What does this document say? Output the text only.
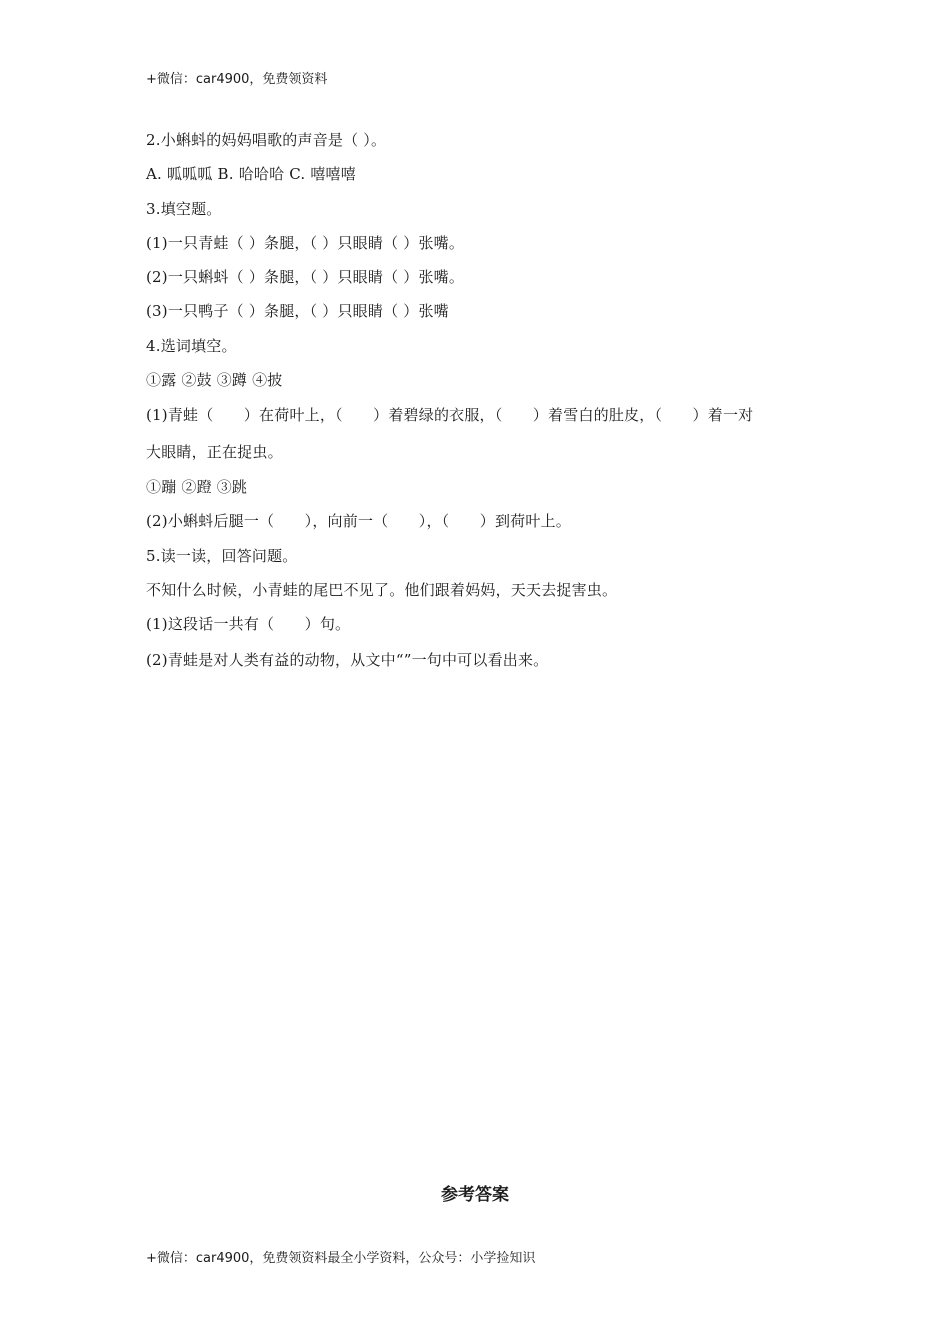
+微信：car4900，免费领资料
2.小蝌蚪的妈妈唱歌的声音是（ ）。
A. 呱呱呱 B. 哈哈哈 C. 嘻嘻嘻
3.填空题。
(1)一只青蛙（ ）条腿，（ ）只眼睛（ ）张嘴。
(2)一只蝌蚪（ ）条腿，（ ）只眼睛（ ）张嘴。
(3)一只鸭子（ ）条腿，（ ）只眼睛（ ）张嘴
4.选词填空。
①露 ②鼓 ③蹲 ④披
(1)青蛙（　　）在荷叶上，（　　）着碧绿的衣服，（　　）着雪白的肚皮，（　　）着一对
大眼睛，正在捉虫。
①蹦 ②蹬 ③跳
(2)小蝌蚪后腿一（　　），向前一（　　），（　　）到荷叶上。
5.读一读，回答问题。
不知什么时候，小青蛙的尾巴不见了。他们跟着妈妈，天天去捉害虫。
(1)这段话一共有（　　）句。
(2)青蛙是对人类有益的动物，从文中“”一句中可以看出来。
参考答案
+微信：car4900，免费领资料最全小学资料，公众号：小学捡知识
